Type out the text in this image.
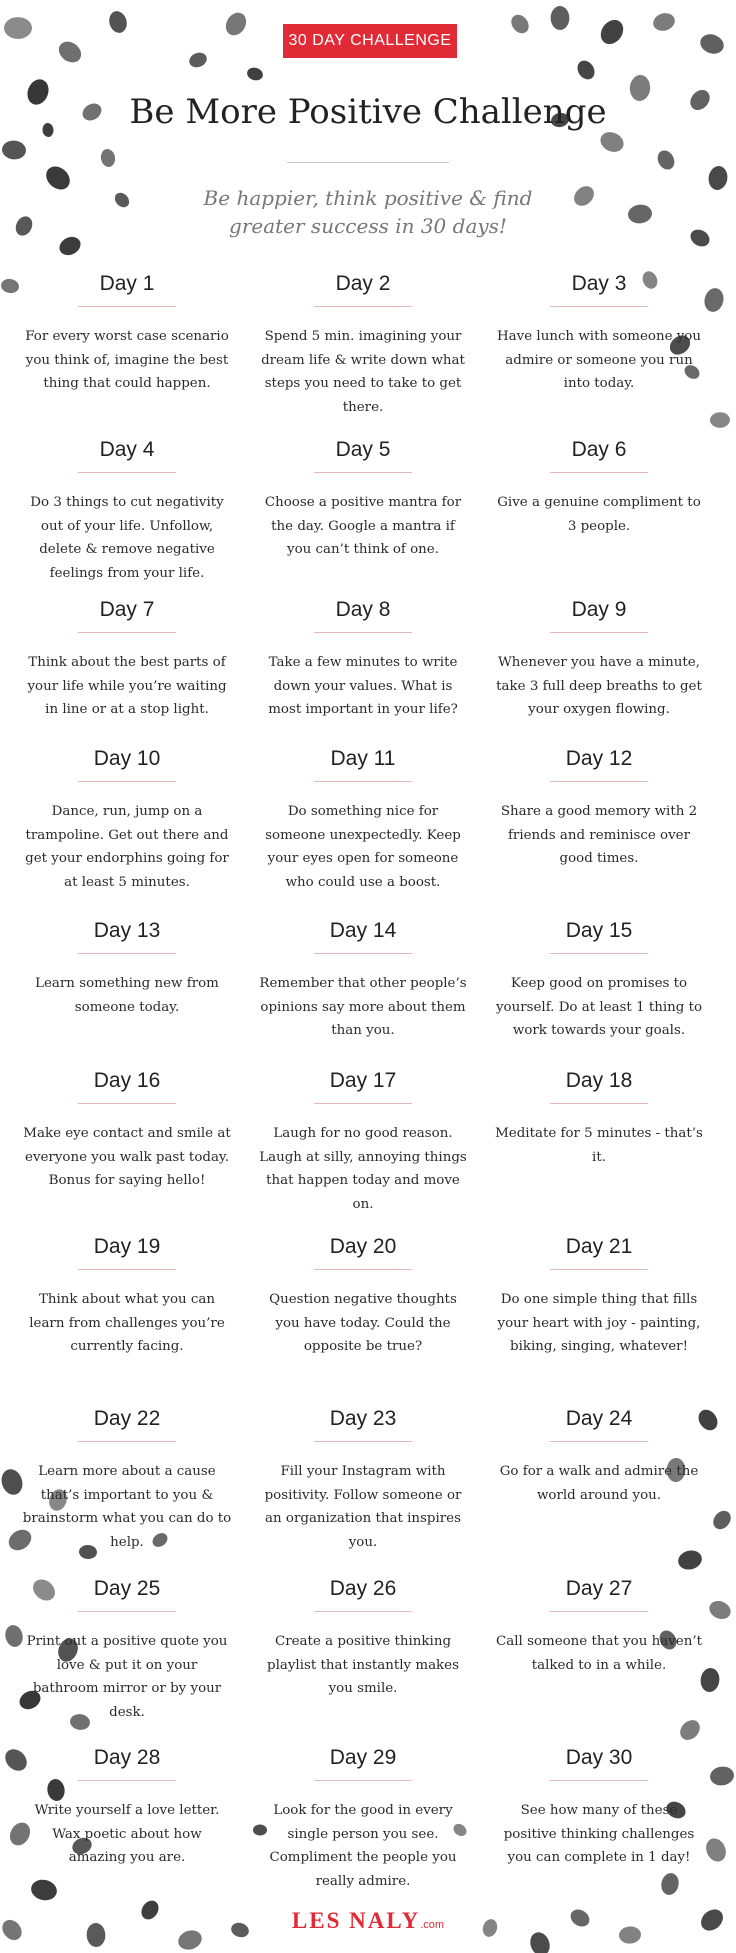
30 DAY CHALLENGE
Be More Positive Challenge
Be happier, think positive & find greater success in 30 days!
Day 1
For every worst case scenario you think of, imagine the best thing that could happen.
Day 2
Spend 5 min. imagining your dream life & write down what steps you need to take to get there.
Day 3
Have lunch with someone you admire or someone you run into today.
Day 4
Do 3 things to cut negativity out of your life. Unfollow, delete & remove negative feelings from your life.
Day 5
Choose a positive mantra for the day. Google a mantra if you can’t think of one.
Day 6
Give a genuine compliment to 3 people.
Day 7
Think about the best parts of your life while you’re waiting in line or at a stop light.
Day 8
Take a few minutes to write down your values. What is most important in your life?
Day 9
Whenever you have a minute, take 3 full deep breaths to get your oxygen flowing.
Day 10
Dance, run, jump on a trampoline. Get out there and get your endorphins going for at least 5 minutes.
Day 11
Do something nice for someone unexpectedly. Keep your eyes open for someone who could use a boost.
Day 12
Share a good memory with 2 friends and reminisce over good times.
Day 13
Learn something new from someone today.
Day 14
Remember that other people’s opinions say more about them than you.
Day 15
Keep good on promises to yourself. Do at least 1 thing to work towards your goals.
Day 16
Make eye contact and smile at everyone you walk past today. Bonus for saying hello!
Day 17
Laugh for no good reason. Laugh at silly, annoying things that happen today and move on.
Day 18
Meditate for 5 minutes - that’s it.
Day 19
Think about what you can learn from challenges you’re currently facing.
Day 20
Question negative thoughts you have today. Could the opposite be true?
Day 21
Do one simple thing that fills your heart with joy - painting, biking, singing, whatever!
Day 22
Learn more about a cause that’s important to you & brainstorm what you can do to help.
Day 23
Fill your Instagram with positivity. Follow someone or an organization that inspires you.
Day 24
Go for a walk and admire the world around you.
Day 25
Print out a positive quote you love & put it on your bathroom mirror or by your desk.
Day 26
Create a positive thinking playlist that instantly makes you smile.
Day 27
Call someone that you haven’t talked to in a while.
Day 28
Write yourself a love letter. Wax poetic about how amazing you are.
Day 29
Look for the good in every single person you see. Compliment the people you really admire.
Day 30
See how many of these positive thinking challenges you can complete in 1 day!
LES NALY.com
